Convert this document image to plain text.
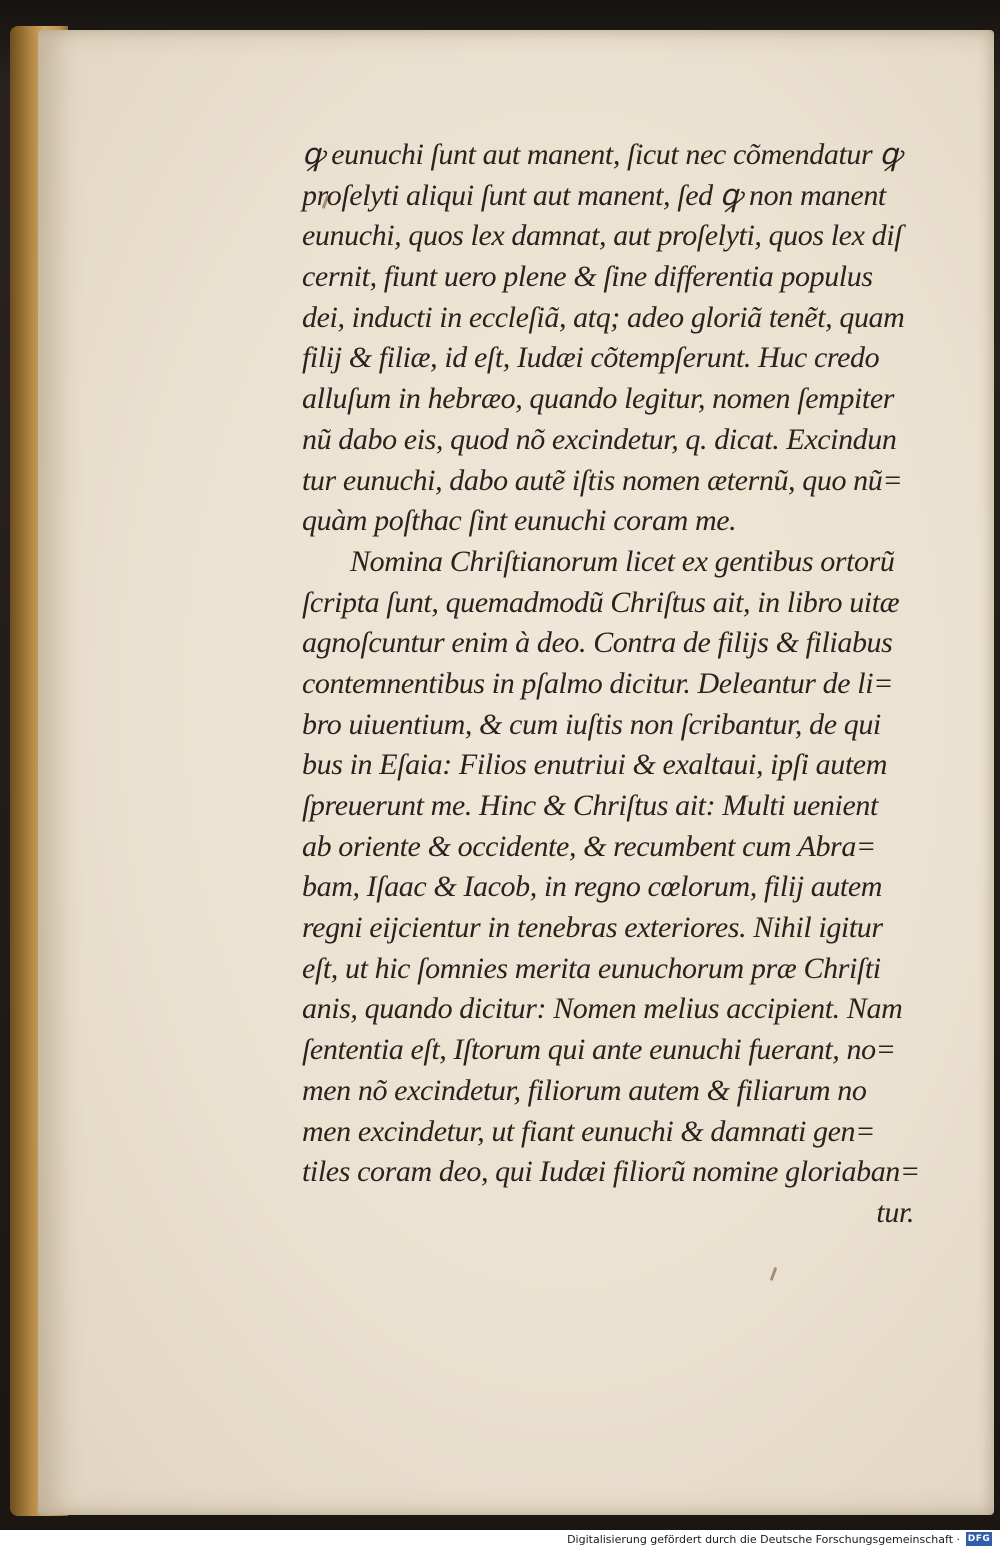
ꝙ eunuchi ſunt aut manent, ſicut nec cõmendatur ꝙ
proſelyti aliqui ſunt aut manent, ſed ꝙ non manent
eunuchi, quos lex damnat, aut proſelyti, quos lex diſ
cernit, fiunt uero plene & ſine differentia populus
dei, inducti in eccleſiã, atq; adeo gloriã tenẽt, quam
filij & filiæ, id eſt, Iudæi cõtempſerunt. Huc credo
alluſum in hebræo, quando legitur, nomen ſempiter
nũ dabo eis, quod nõ excindetur, q. dicat. Excindun
tur eunuchi, dabo autẽ iſtis nomen æternũ, quo nũ=
quàm poſthac ſint eunuchi coram me.
Nomina Chriſtianorum licet ex gentibus ortorũ
ſcripta ſunt, quemadmodũ Chriſtus ait, in libro uitæ
agnoſcuntur enim à deo. Contra de filijs & filiabus
contemnentibus in pſalmo dicitur. Deleantur de li=
bro uiuentium, & cum iuſtis non ſcribantur, de qui
bus in Eſaia: Filios enutriui & exaltaui, ipſi autem
ſpreuerunt me. Hinc & Chriſtus ait: Multi uenient
ab oriente & occidente, & recumbent cum Abra=
bam, Iſaac & Iacob, in regno cœlorum, filij autem
regni eijcientur in tenebras exteriores. Nihil igitur
eſt, ut hic ſomnies merita eunuchorum præ Chriſti
anis, quando dicitur: Nomen melius accipient. Nam
ſententia eſt, Iſtorum qui ante eunuchi fuerant, no=
men nõ excindetur, filiorum autem & filiarum no
men excindetur, ut fiant eunuchi & damnati gen=
tiles coram deo, qui Iudæi filiorũ nomine gloriaban=
tur.
Digitalisierung gefördert durch die Deutsche Forschungsgemeinschaft · DFG
